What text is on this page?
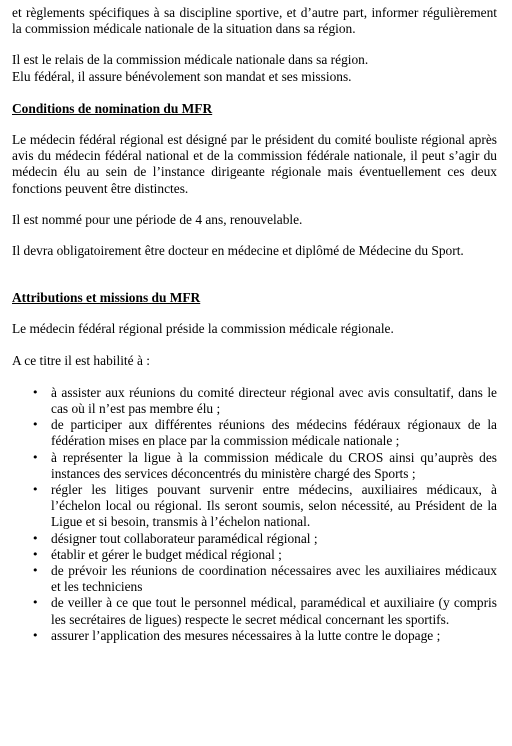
et règlements spécifiques à sa discipline sportive, et d’autre part, informer régulièrement la commission médicale nationale de la situation dans sa région.

Il est le relais de la commission médicale nationale dans sa région.

Elu fédéral, il assure bénévolement son mandat et ses missions.

Conditions de nomination du MFR

Le médecin fédéral régional est désigné par le président du comité bouliste régional après avis du médecin fédéral national et de la commission fédérale nationale, il peut s’agir du médecin élu au sein de l’instance dirigeante régionale mais éventuellement ces deux fonctions peuvent être distinctes.

Il est nommé pour une période de 4 ans, renouvelable.

Il devra obligatoirement être docteur en médecine et diplômé de Médecine du Sport.

Attributions et missions du MFR

Le médecin fédéral régional préside la commission médicale régionale.

A ce titre il est habilité à :

• à assister aux réunions du comité directeur régional avec avis consultatif, dans le cas où il n’est pas membre élu ;
• de participer aux différentes réunions des médecins fédéraux régionaux de la fédération mises en place par la commission médicale nationale ;
• à représenter la ligue à la commission médicale du CROS ainsi qu’auprès des instances des services déconcentrés du ministère chargé des Sports ;
• régler les litiges pouvant survenir entre médecins, auxiliaires médicaux, à l’échelon local ou régional. Ils seront soumis, selon nécessité, au Président de la Ligue et si besoin, transmis à l’échelon national.
• désigner tout collaborateur paramédical régional ;
• établir et gérer le budget médical régional ;
• de prévoir les réunions de coordination nécessaires avec les auxiliaires médicaux et les techniciens
• de veiller à ce que tout le personnel médical, paramédical et auxiliaire (y compris les secrétaires de ligues) respecte le secret médical concernant les sportifs.
• assurer l’application des mesures nécessaires à la lutte contre le dopage ;
